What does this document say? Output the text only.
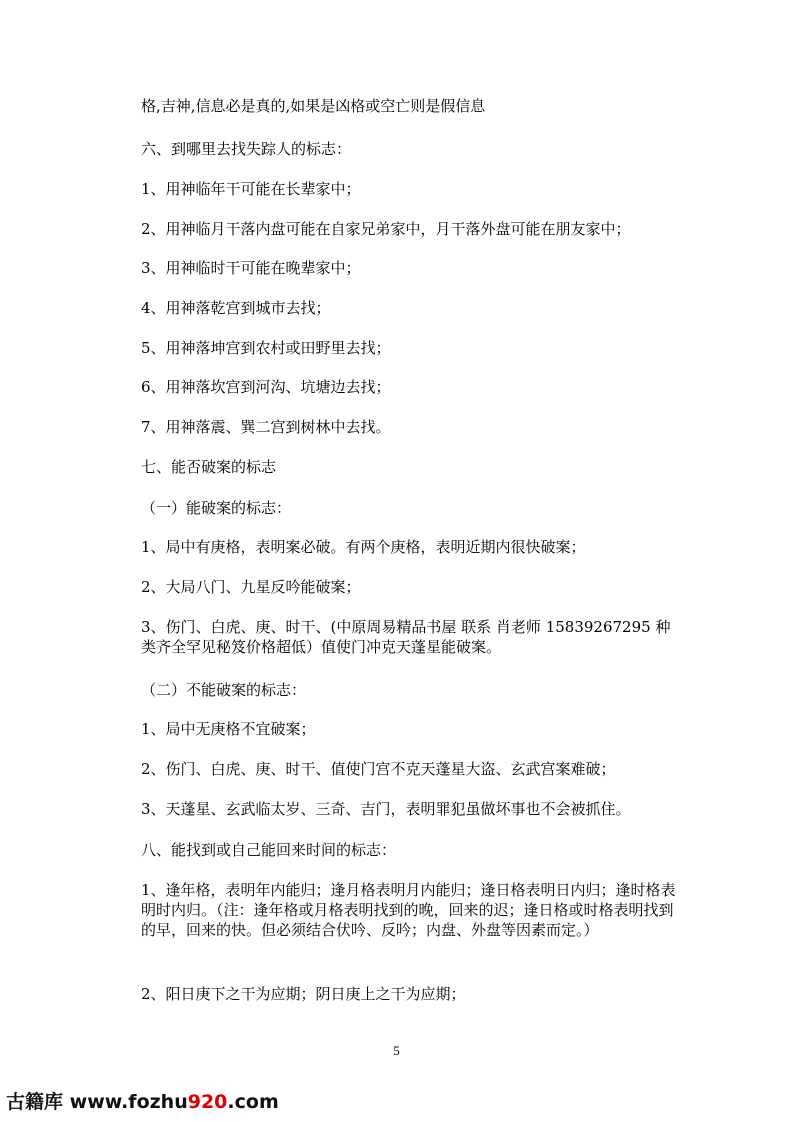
格,吉神,信息必是真的,如果是凶格或空亡则是假信息
六、到哪里去找失踪人的标志：
1、用神临年干可能在长辈家中；
2、用神临月干落内盘可能在自家兄弟家中，月干落外盘可能在朋友家中；
3、用神临时干可能在晚辈家中；
4、用神落乾宫到城市去找；
5、用神落坤宫到农村或田野里去找；
6、用神落坎宫到河沟、坑塘边去找；
7、用神落震、巽二宫到树林中去找。
七、能否破案的标志
（一）能破案的标志：
1、局中有庚格，表明案必破。有两个庚格，表明近期内很快破案；
2、大局八门、九星反吟能破案；
3、伤门、白虎、庚、时干、(中原周易精品书屋 联系 肖老师 15839267295 种类齐全罕见秘笈价格超低）值使门冲克天蓬星能破案。
（二）不能破案的标志：
1、局中无庚格不宜破案；
2、伤门、白虎、庚、时干、值使门宫不克天蓬星大盗、玄武宫案难破；
3、天蓬星、玄武临太岁、三奇、吉门，表明罪犯虽做坏事也不会被抓住。
八、能找到或自己能回来时间的标志：
1、逢年格，表明年内能归；逢月格表明月内能归；逢日格表明日内归；逢时格表明时内归。（注：逢年格或月格表明找到的晚，回来的迟；逢日格或时格表明找到的早，回来的快。但必须结合伏吟、反吟；内盘、外盘等因素而定。）
2、阳日庚下之干为应期；阴日庚上之干为应期；
5
古籍库 www.fozhu920.com
